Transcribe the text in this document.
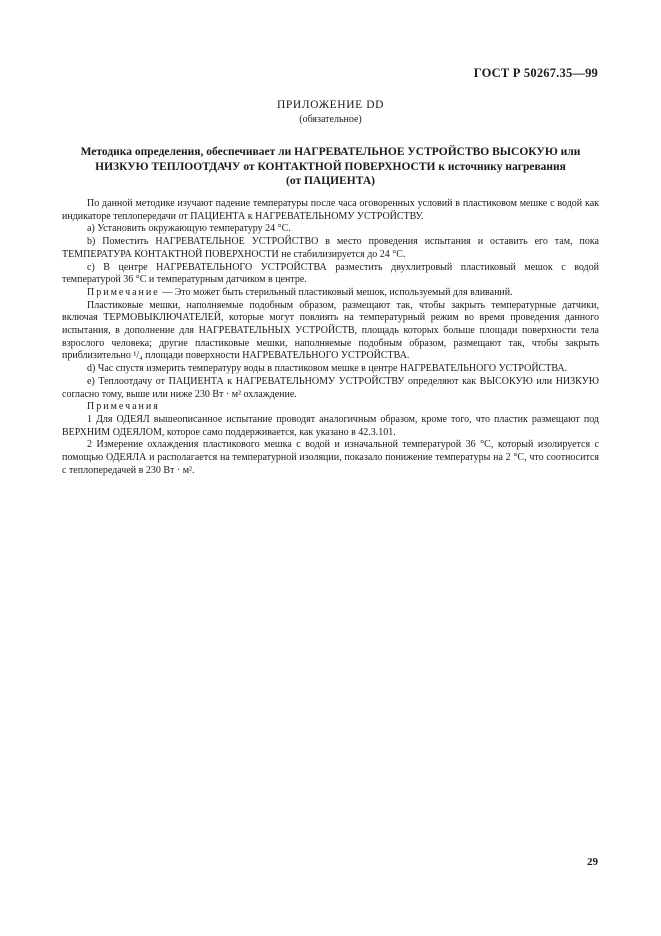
ГОСТ Р 50267.35—99
ПРИЛОЖЕНИЕ DD
(обязательное)
Методика определения, обеспечивает ли НАГРЕВАТЕЛЬНОЕ УСТРОЙСТВО ВЫСОКУЮ или
НИЗКУЮ ТЕПЛООТДАЧУ от КОНТАКТНОЙ ПОВЕРХНОСТИ к источнику нагревания
(от ПАЦИЕНТА)

По данной методике изучают падение температуры после часа оговоренных условий в пластиковом мешке с водой как индикаторе теплопередачи от ПАЦИЕНТА к НАГРЕВАТЕЛЬНОМУ УСТРОЙСТВУ.

a) Установить окружающую температуру 24 °С.

b) Поместить НАГРЕВАТЕЛЬНОЕ УСТРОЙСТВО в место проведения испытания и оставить его там, пока ТЕМПЕРАТУРА КОНТАКТНОЙ ПОВЕРХНОСТИ не стабилизируется до 24 °С.

c) В центре НАГРЕВАТЕЛЬНОГО УСТРОЙСТВА разместить двухлитровый пластиковый мешок с водой температурой 36 °С и температурным датчиком в центре.

Примечание — Это может быть стерильный пластиковый мешок, используемый для вливаний.

Пластиковые мешки, наполняемые подобным образом, размещают так, чтобы закрыть температурные датчики, включая ТЕРМОВЫКЛЮЧАТЕЛЕЙ, которые могут повлиять на температурный режим во время проведения данного испытания, в дополнение для НАГРЕВАТЕЛЬНЫХ УСТРОЙСТВ, площадь которых больше площади поверхности тела взрослого человека; другие пластиковые мешки, наполняемые подобным образом, размещают так, чтобы закрыть приблизительно ¹/₄ площади поверхности НАГРЕВАТЕЛЬНОГО УСТРОЙСТВА.

d) Час спустя измерить температуру воды в пластиковом мешке в центре НАГРЕВАТЕЛЬНОГО УСТРОЙСТВА.

e) Теплоотдачу от ПАЦИЕНТА к НАГРЕВАТЕЛЬНОМУ УСТРОЙСТВУ определяют как ВЫСОКУЮ или НИЗКУЮ согласно тому, выше или ниже 230 Вт · м² охлаждение.

Примечания

1 Для ОДЕЯЛ вышеописанное испытание проводят аналогичным образом, кроме того, что пластик размещают под ВЕРХНИМ ОДЕЯЛОМ, которое само поддерживается, как указано в 42.3.101.

2 Измерение охлаждения пластикового мешка с водой и изначальной температурой 36 °С, который изолируется с помощью ОДЕЯЛА и располагается на температурной изоляции, показало понижение температуры на 2 °С, что соотносится с теплопередачей в 230 Вт · м².

29
